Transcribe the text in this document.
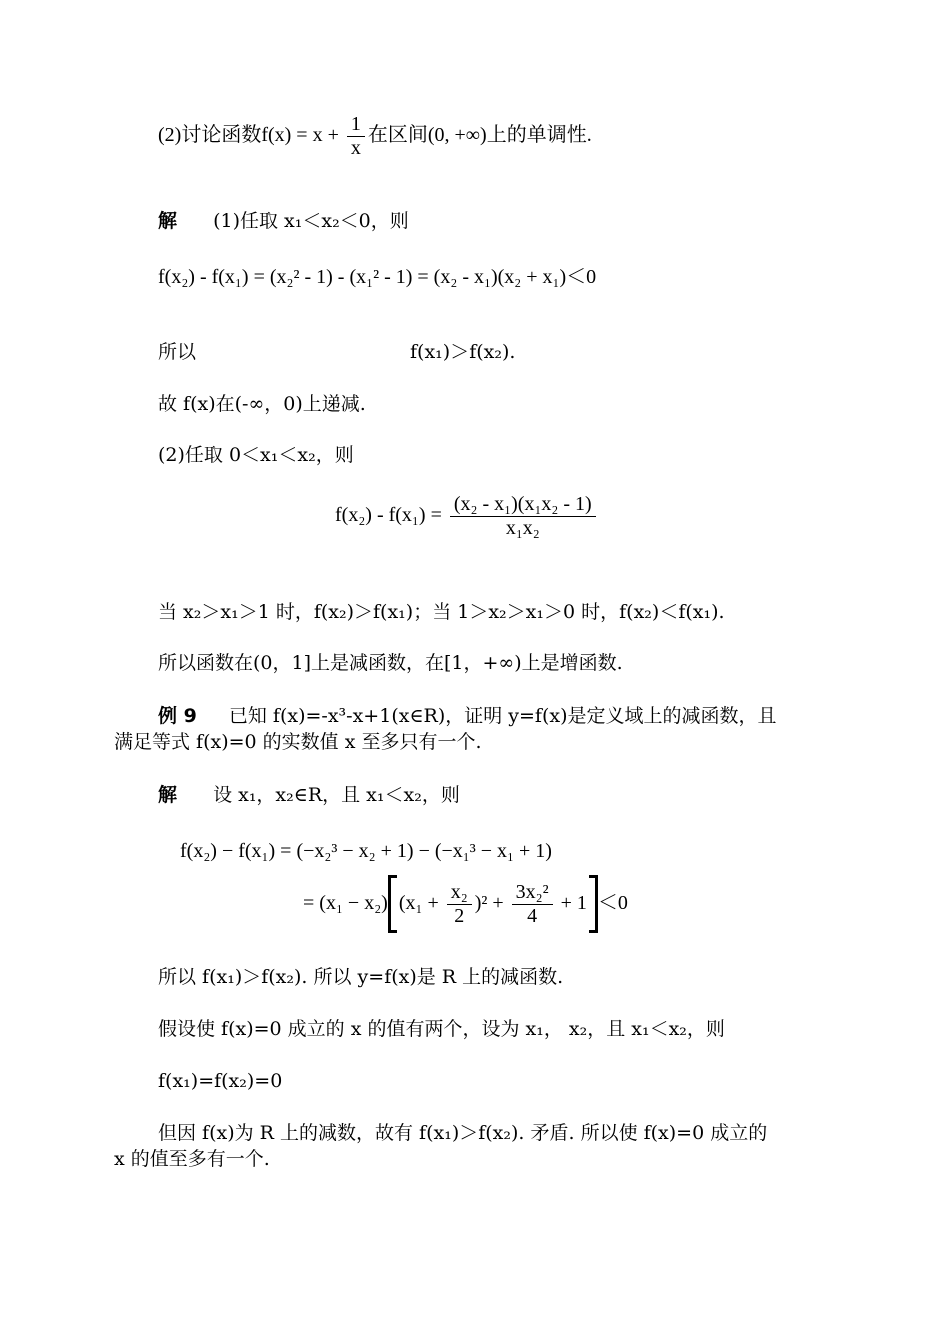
(2)讨论函数$f(x) = x + \frac{1}{x}$ 在区间(0, +∞)上的单调性.
解 (1)任取 x₁＜x₂＜0，则
f(x₂) - f(x₁) = (x₂² - 1) - (x₁² - 1) = (x₂ - x₁)(x₂ + x₁)＜0
所以	f(x₁)＞f(x₂).
故 f(x)在(-∞，0)上递减.
(2)任取 0＜x₁＜x₂，则
$f(x_2) - f(x_1) = \frac{\text{(x₂ - x₁)(x₁x₂ - 1)}}{\text{x₁x₂}}$
当 x₂＞x₁＞1 时，f(x₂)＞f(x₁)；当 1＞x₂＞x₁＞0 时，f(x₂)＜f(x₁).
所以函数在(0，1]上是减函数，在[1，+∞)上是增函数.
例 9 已知 f(x)=-x³-x+1(x∈R)，证明 y=f(x)是定义域上的减函数，且
满足等式 f(x)=0 的实数值 x 至多只有一个.
解 设 x₁，x₂∈R，且 x₁＜x₂，则
f(x₂) − f(x₁) = (−x₂³ − x₂ + 1) − (−x₁³ − x₁ + 1)
= (x₁ − x₂) $(x_1 + \frac{\text{x₂}}{2} )^2 + \frac{\text{3x₂²}}{4} + 1 <0$
所以 f(x₁)＞f(x₂). 所以 y=f(x)是 R 上的减函数.
假设使 f(x)=0 成立的 x 的值有两个，设为 x₁， x₂，且 x₁＜x₂，则
f(x₁)=f(x₂)=0
但因 f(x)为 R 上的减数，故有 f(x₁)＞f(x₂). 矛盾. 所以使 f(x)=0 成立的
x 的值至多有一个.
